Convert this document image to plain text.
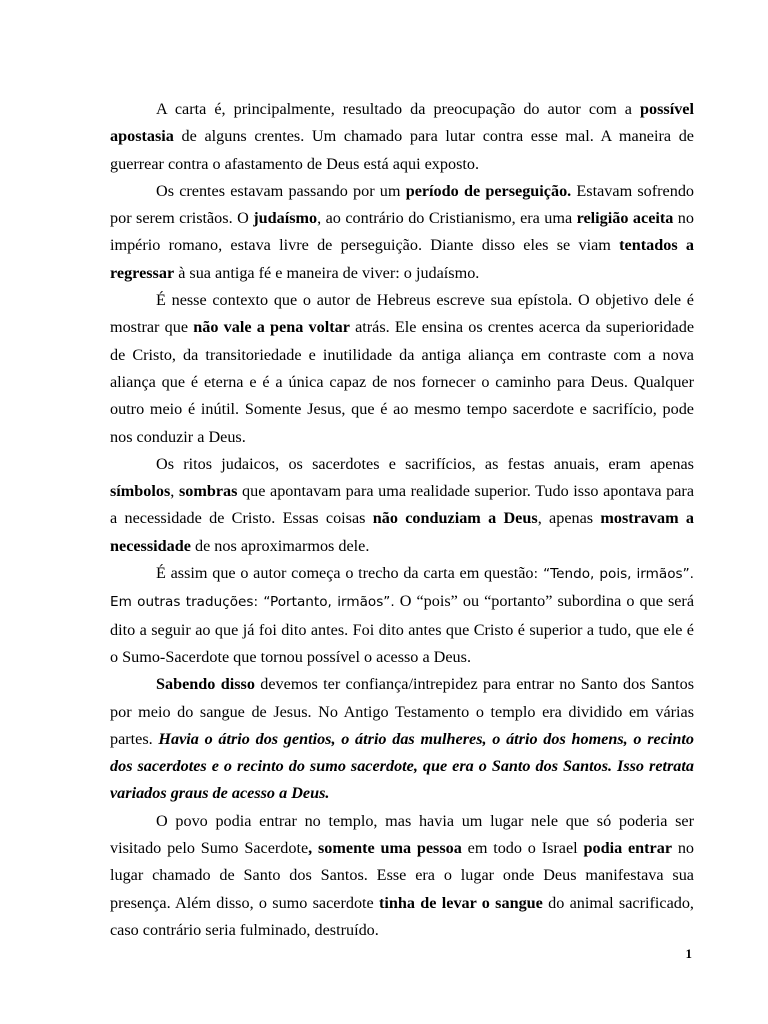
A carta é, principalmente, resultado da preocupação do autor com a possível apostasia de alguns crentes. Um chamado para lutar contra esse mal. A maneira de guerrear contra o afastamento de Deus está aqui exposto.

Os crentes estavam passando por um período de perseguição. Estavam sofrendo por serem cristãos. O judaísmo, ao contrário do Cristianismo, era uma religião aceita no império romano, estava livre de perseguição. Diante disso eles se viam tentados a regressar à sua antiga fé e maneira de viver: o judaísmo.

É nesse contexto que o autor de Hebreus escreve sua epístola. O objetivo dele é mostrar que não vale a pena voltar atrás. Ele ensina os crentes acerca da superioridade de Cristo, da transitoriedade e inutilidade da antiga aliança em contraste com a nova aliança que é eterna e é a única capaz de nos fornecer o caminho para Deus. Qualquer outro meio é inútil. Somente Jesus, que é ao mesmo tempo sacerdote e sacrifício, pode nos conduzir a Deus.

Os ritos judaicos, os sacerdotes e sacrifícios, as festas anuais, eram apenas símbolos, sombras que apontavam para uma realidade superior. Tudo isso apontava para a necessidade de Cristo. Essas coisas não conduziam a Deus, apenas mostravam a necessidade de nos aproximarmos dele.

É assim que o autor começa o trecho da carta em questão: “Tendo, pois, irmãos”. Em outras traduções: “Portanto, irmãos”. O “pois” ou “portanto” subordina o que será dito a seguir ao que já foi dito antes. Foi dito antes que Cristo é superior a tudo, que ele é o Sumo-Sacerdote que tornou possível o acesso a Deus.

Sabendo disso devemos ter confiança/intrepidez para entrar no Santo dos Santos por meio do sangue de Jesus. No Antigo Testamento o templo era dividido em várias partes. Havia o átrio dos gentios, o átrio das mulheres, o átrio dos homens, o recinto dos sacerdotes e o recinto do sumo sacerdote, que era o Santo dos Santos. Isso retrata variados graus de acesso a Deus.

O povo podia entrar no templo, mas havia um lugar nele que só poderia ser visitado pelo Sumo Sacerdote, somente uma pessoa em todo o Israel podia entrar no lugar chamado de Santo dos Santos. Esse era o lugar onde Deus manifestava sua presença. Além disso, o sumo sacerdote tinha de levar o sangue do animal sacrificado, caso contrário seria fulminado, destruído.

1
